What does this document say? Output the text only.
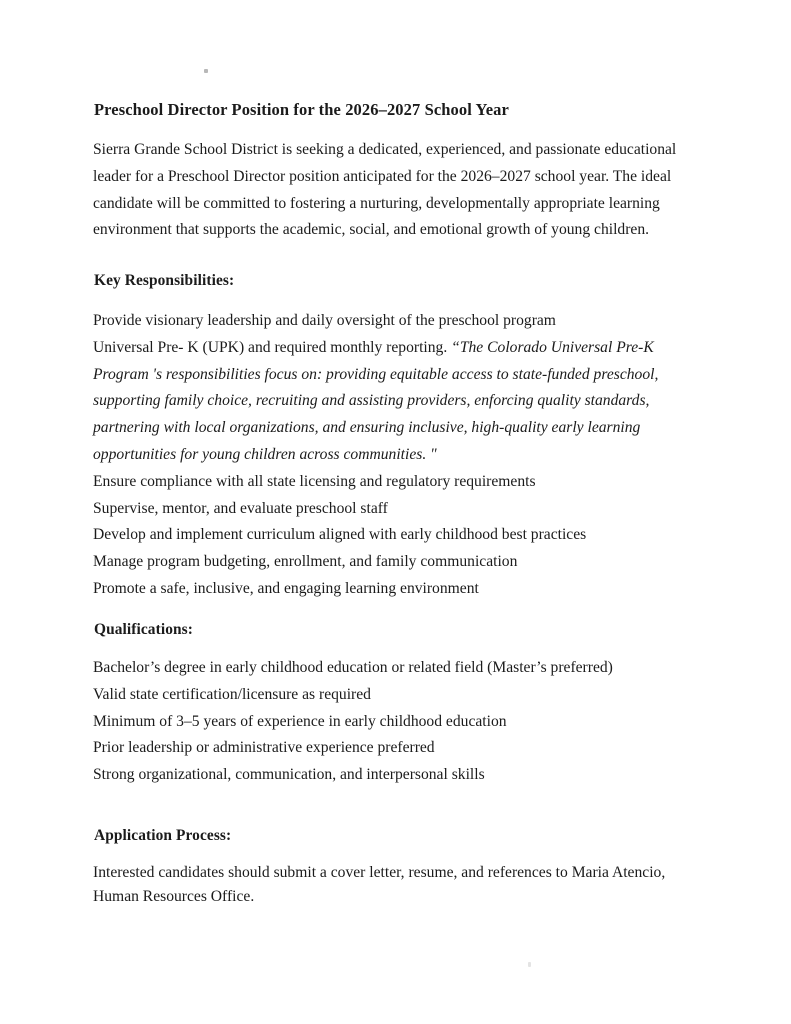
Preschool Director Position for the 2026–2027 School Year

Sierra Grande School District is seeking a dedicated, experienced, and passionate educational leader for a Preschool Director position anticipated for the 2026–2027 school year. The ideal candidate will be committed to fostering a nurturing, developmentally appropriate learning environment that supports the academic, social, and emotional growth of young children.

Key Responsibilities:
Provide visionary leadership and daily oversight of the preschool program
Universal Pre- K (UPK) and required monthly reporting. “The Colorado Universal Pre-K
Program 's responsibilities focus on: providing equitable access to state-funded preschool,
supporting family choice, recruiting and assisting providers, enforcing quality standards,
partnering with local organizations, and ensuring inclusive, high-quality early learning
opportunities for young children across communities. "
Ensure compliance with all state licensing and regulatory requirements
Supervise, mentor, and evaluate preschool staff
Develop and implement curriculum aligned with early childhood best practices
Manage program budgeting, enrollment, and family communication
Promote a safe, inclusive, and engaging learning environment
Qualifications:
Bachelor’s degree in early childhood education or related field (Master’s preferred)
Valid state certification/licensure as required
Minimum of 3–5 years of experience in early childhood education
Prior leadership or administrative experience preferred
Strong organizational, communication, and interpersonal skills
Application Process:

Interested candidates should submit a cover letter, resume, and references to Maria Atencio,
Human Resources Office.
